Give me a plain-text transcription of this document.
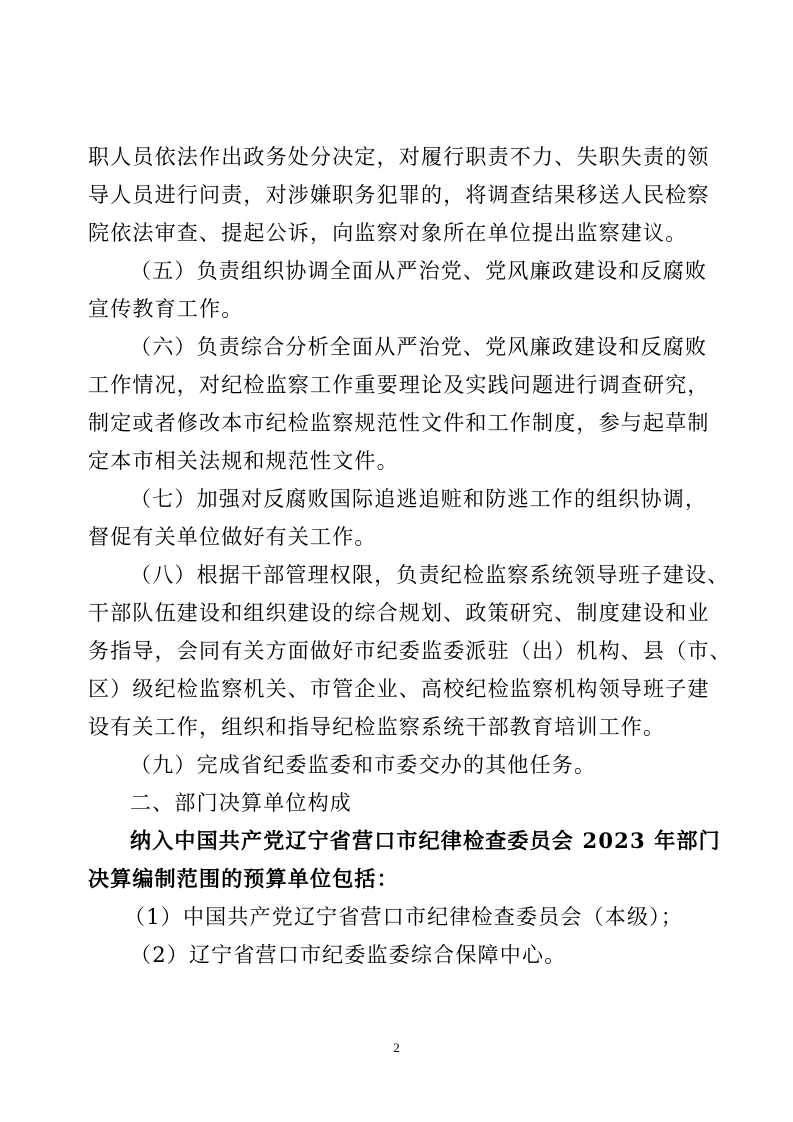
职人员依法作出政务处分决定，对履行职责不力、失职失责的领
导人员进行问责，对涉嫌职务犯罪的，将调查结果移送人民检察
院依法审查、提起公诉，向监察对象所在单位提出监察建议。
（五）负责组织协调全面从严治党、党风廉政建设和反腐败
宣传教育工作。
（六）负责综合分析全面从严治党、党风廉政建设和反腐败
工作情况，对纪检监察工作重要理论及实践问题进行调查研究，
制定或者修改本市纪检监察规范性文件和工作制度，参与起草制
定本市相关法规和规范性文件。
（七）加强对反腐败国际追逃追赃和防逃工作的组织协调，
督促有关单位做好有关工作。
（八）根据干部管理权限，负责纪检监察系统领导班子建设、
干部队伍建设和组织建设的综合规划、政策研究、制度建设和业
务指导，会同有关方面做好市纪委监委派驻（出）机构、县（市、
区）级纪检监察机关、市管企业、高校纪检监察机构领导班子建
设有关工作，组织和指导纪检监察系统干部教育培训工作。
（九）完成省纪委监委和市委交办的其他任务。
二、部门决算单位构成
纳入中国共产党辽宁省营口市纪律检查委员会 2023 年部门
决算编制范围的预算单位包括：
（1）中国共产党辽宁省营口市纪律检查委员会（本级）；
（2）辽宁省营口市纪委监委综合保障中心。
2
